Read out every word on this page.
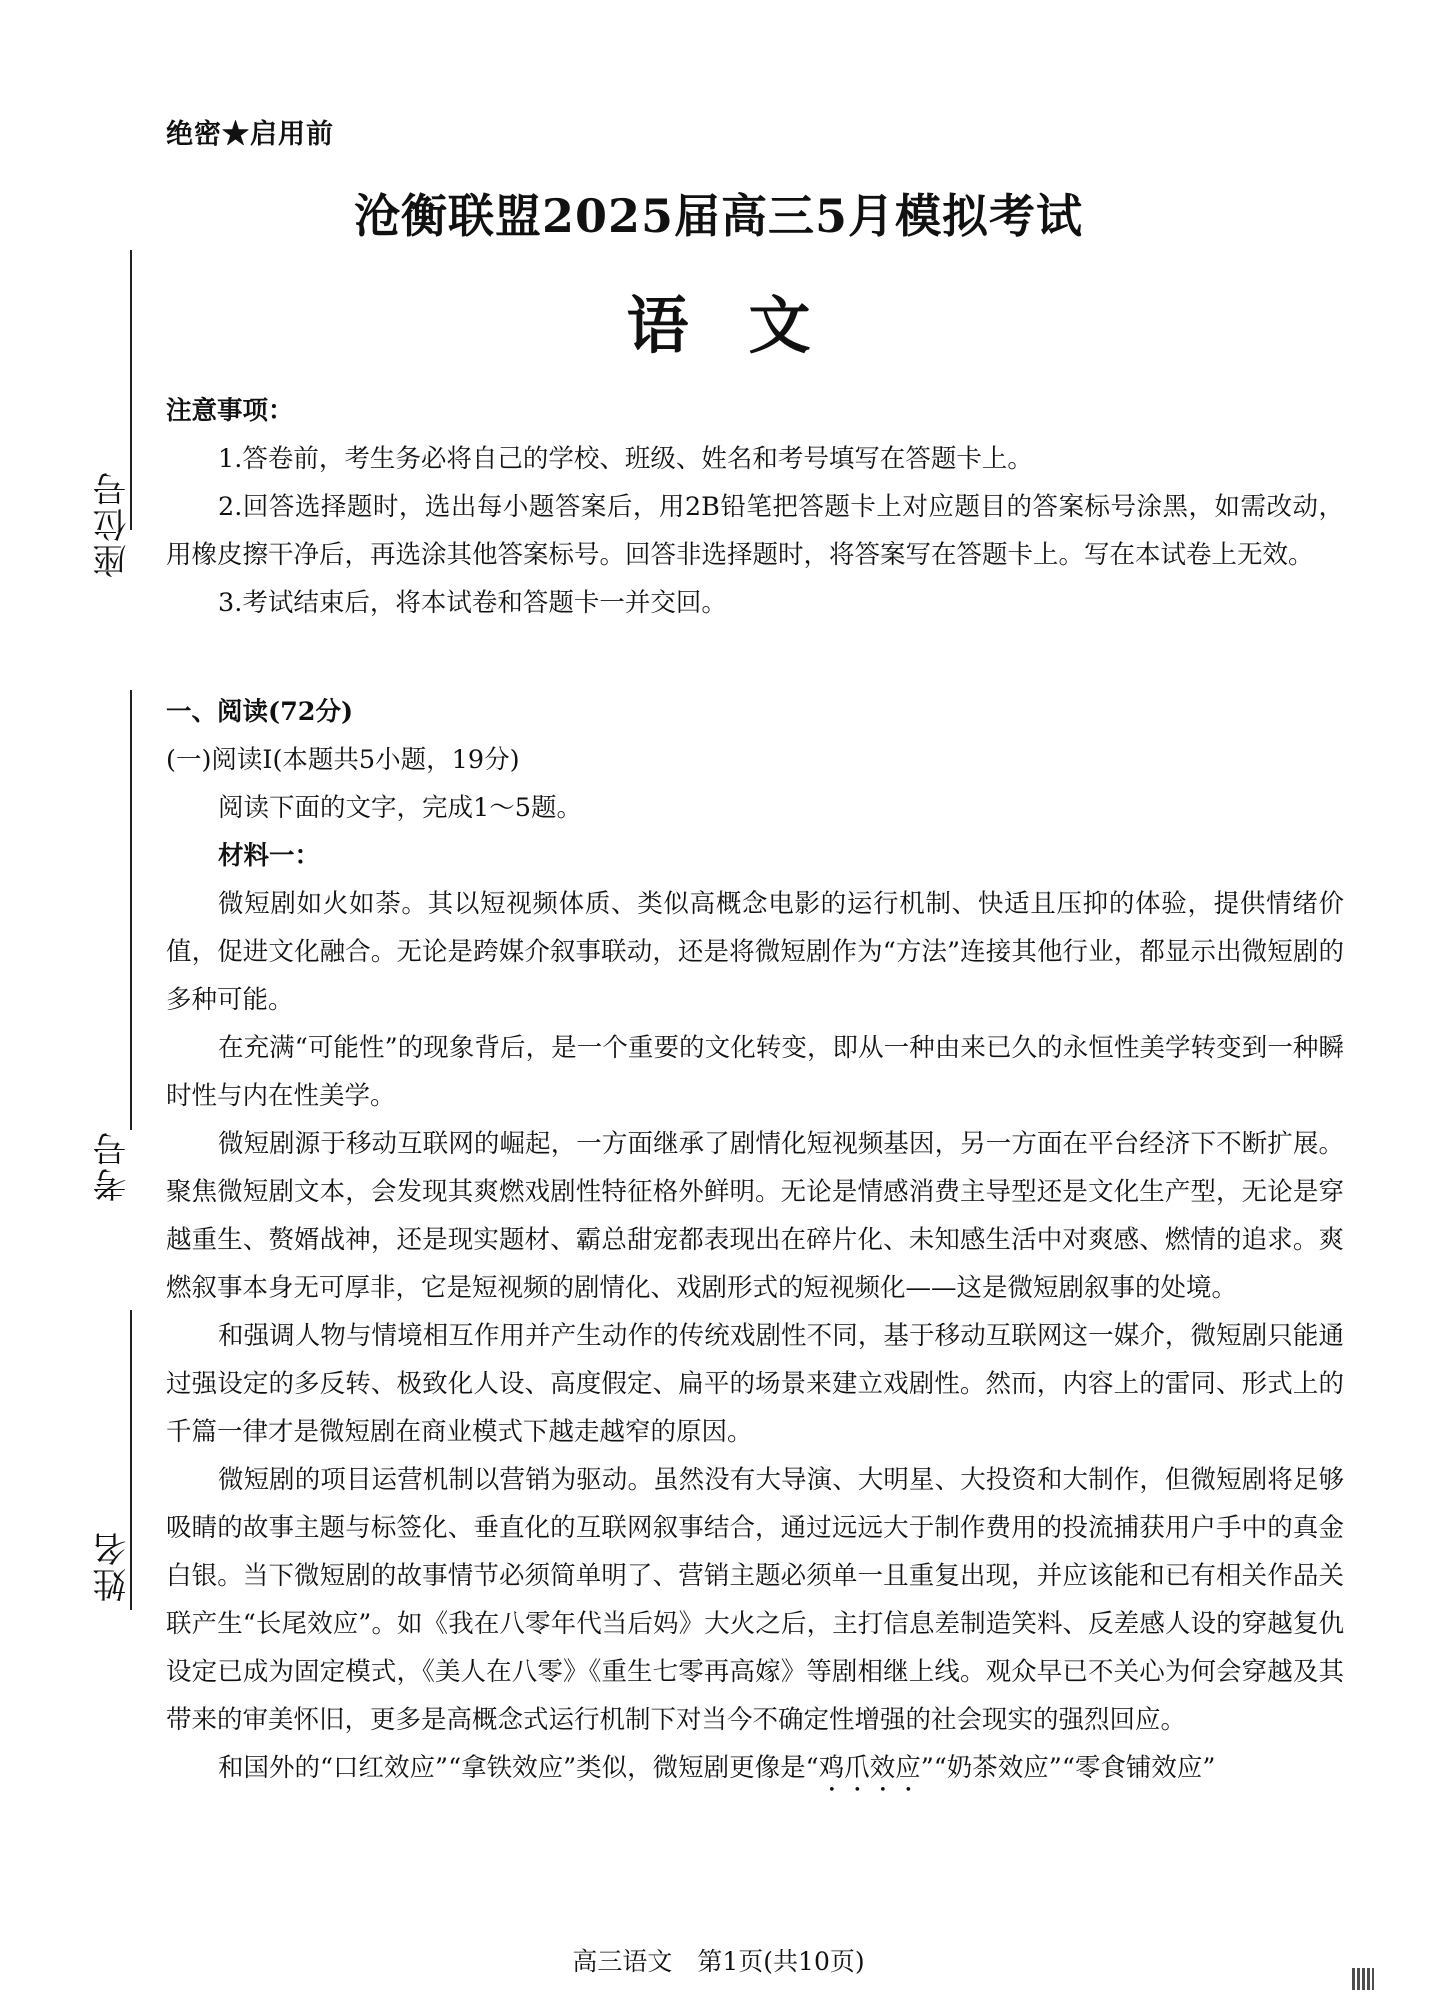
绝密★启用前
沧衡联盟2025届高三5月模拟考试
语文
座位号
考号
姓名

注意事项：

1.答卷前，考生务必将自己的学校、班级、姓名和考号填写在答题卡上。

2.回答选择题时，选出每小题答案后，用2B铅笔把答题卡上对应题目的答案标号涂黑，如需改动，用橡皮擦干净后，再选涂其他答案标号。回答非选择题时，将答案写在答题卡上。写在本试卷上无效。

3.考试结束后，将本试卷和答题卡一并交回。

一、阅读(72分)

(一)阅读Ⅰ(本题共5小题，19分)

阅读下面的文字，完成1～5题。

材料一：

微短剧如火如荼。其以短视频体质、类似高概念电影的运行机制、快适且压抑的体验，提供情绪价值，促进文化融合。无论是跨媒介叙事联动，还是将微短剧作为“方法”连接其他行业，都显示出微短剧的多种可能。

在充满“可能性”的现象背后，是一个重要的文化转变，即从一种由来已久的永恒性美学转变到一种瞬时性与内在性美学。

微短剧源于移动互联网的崛起，一方面继承了剧情化短视频基因，另一方面在平台经济下不断扩展。聚焦微短剧文本，会发现其爽燃戏剧性特征格外鲜明。无论是情感消费主导型还是文化生产型，无论是穿越重生、赘婿战神，还是现实题材、霸总甜宠都表现出在碎片化、未知感生活中对爽感、燃情的追求。爽燃叙事本身无可厚非，它是短视频的剧情化、戏剧形式的短视频化——这是微短剧叙事的处境。

和强调人物与情境相互作用并产生动作的传统戏剧性不同，基于移动互联网这一媒介，微短剧只能通过强设定的多反转、极致化人设、高度假定、扁平的场景来建立戏剧性。然而，内容上的雷同、形式上的千篇一律才是微短剧在商业模式下越走越窄的原因。

微短剧的项目运营机制以营销为驱动。虽然没有大导演、大明星、大投资和大制作，但微短剧将足够吸睛的故事主题与标签化、垂直化的互联网叙事结合，通过远远大于制作费用的投流捕获用户手中的真金白银。当下微短剧的故事情节必须简单明了、营销主题必须单一且重复出现，并应该能和已有相关作品关联产生“长尾效应”。如《我在八零年代当后妈》大火之后，主打信息差制造笑料、反差感人设的穿越复仇设定已成为固定模式，《美人在八零》《重生七零再高嫁》等剧相继上线。观众早已不关心为何会穿越及其带来的审美怀旧，更多是高概念式运行机制下对当今不确定性增强的社会现实的强烈回应。

和国外的“口红效应”“拿铁效应”类似，微短剧更像是“鸡爪效应”“奶茶效应”“零食铺效应”

高三语文　第1页(共10页)
